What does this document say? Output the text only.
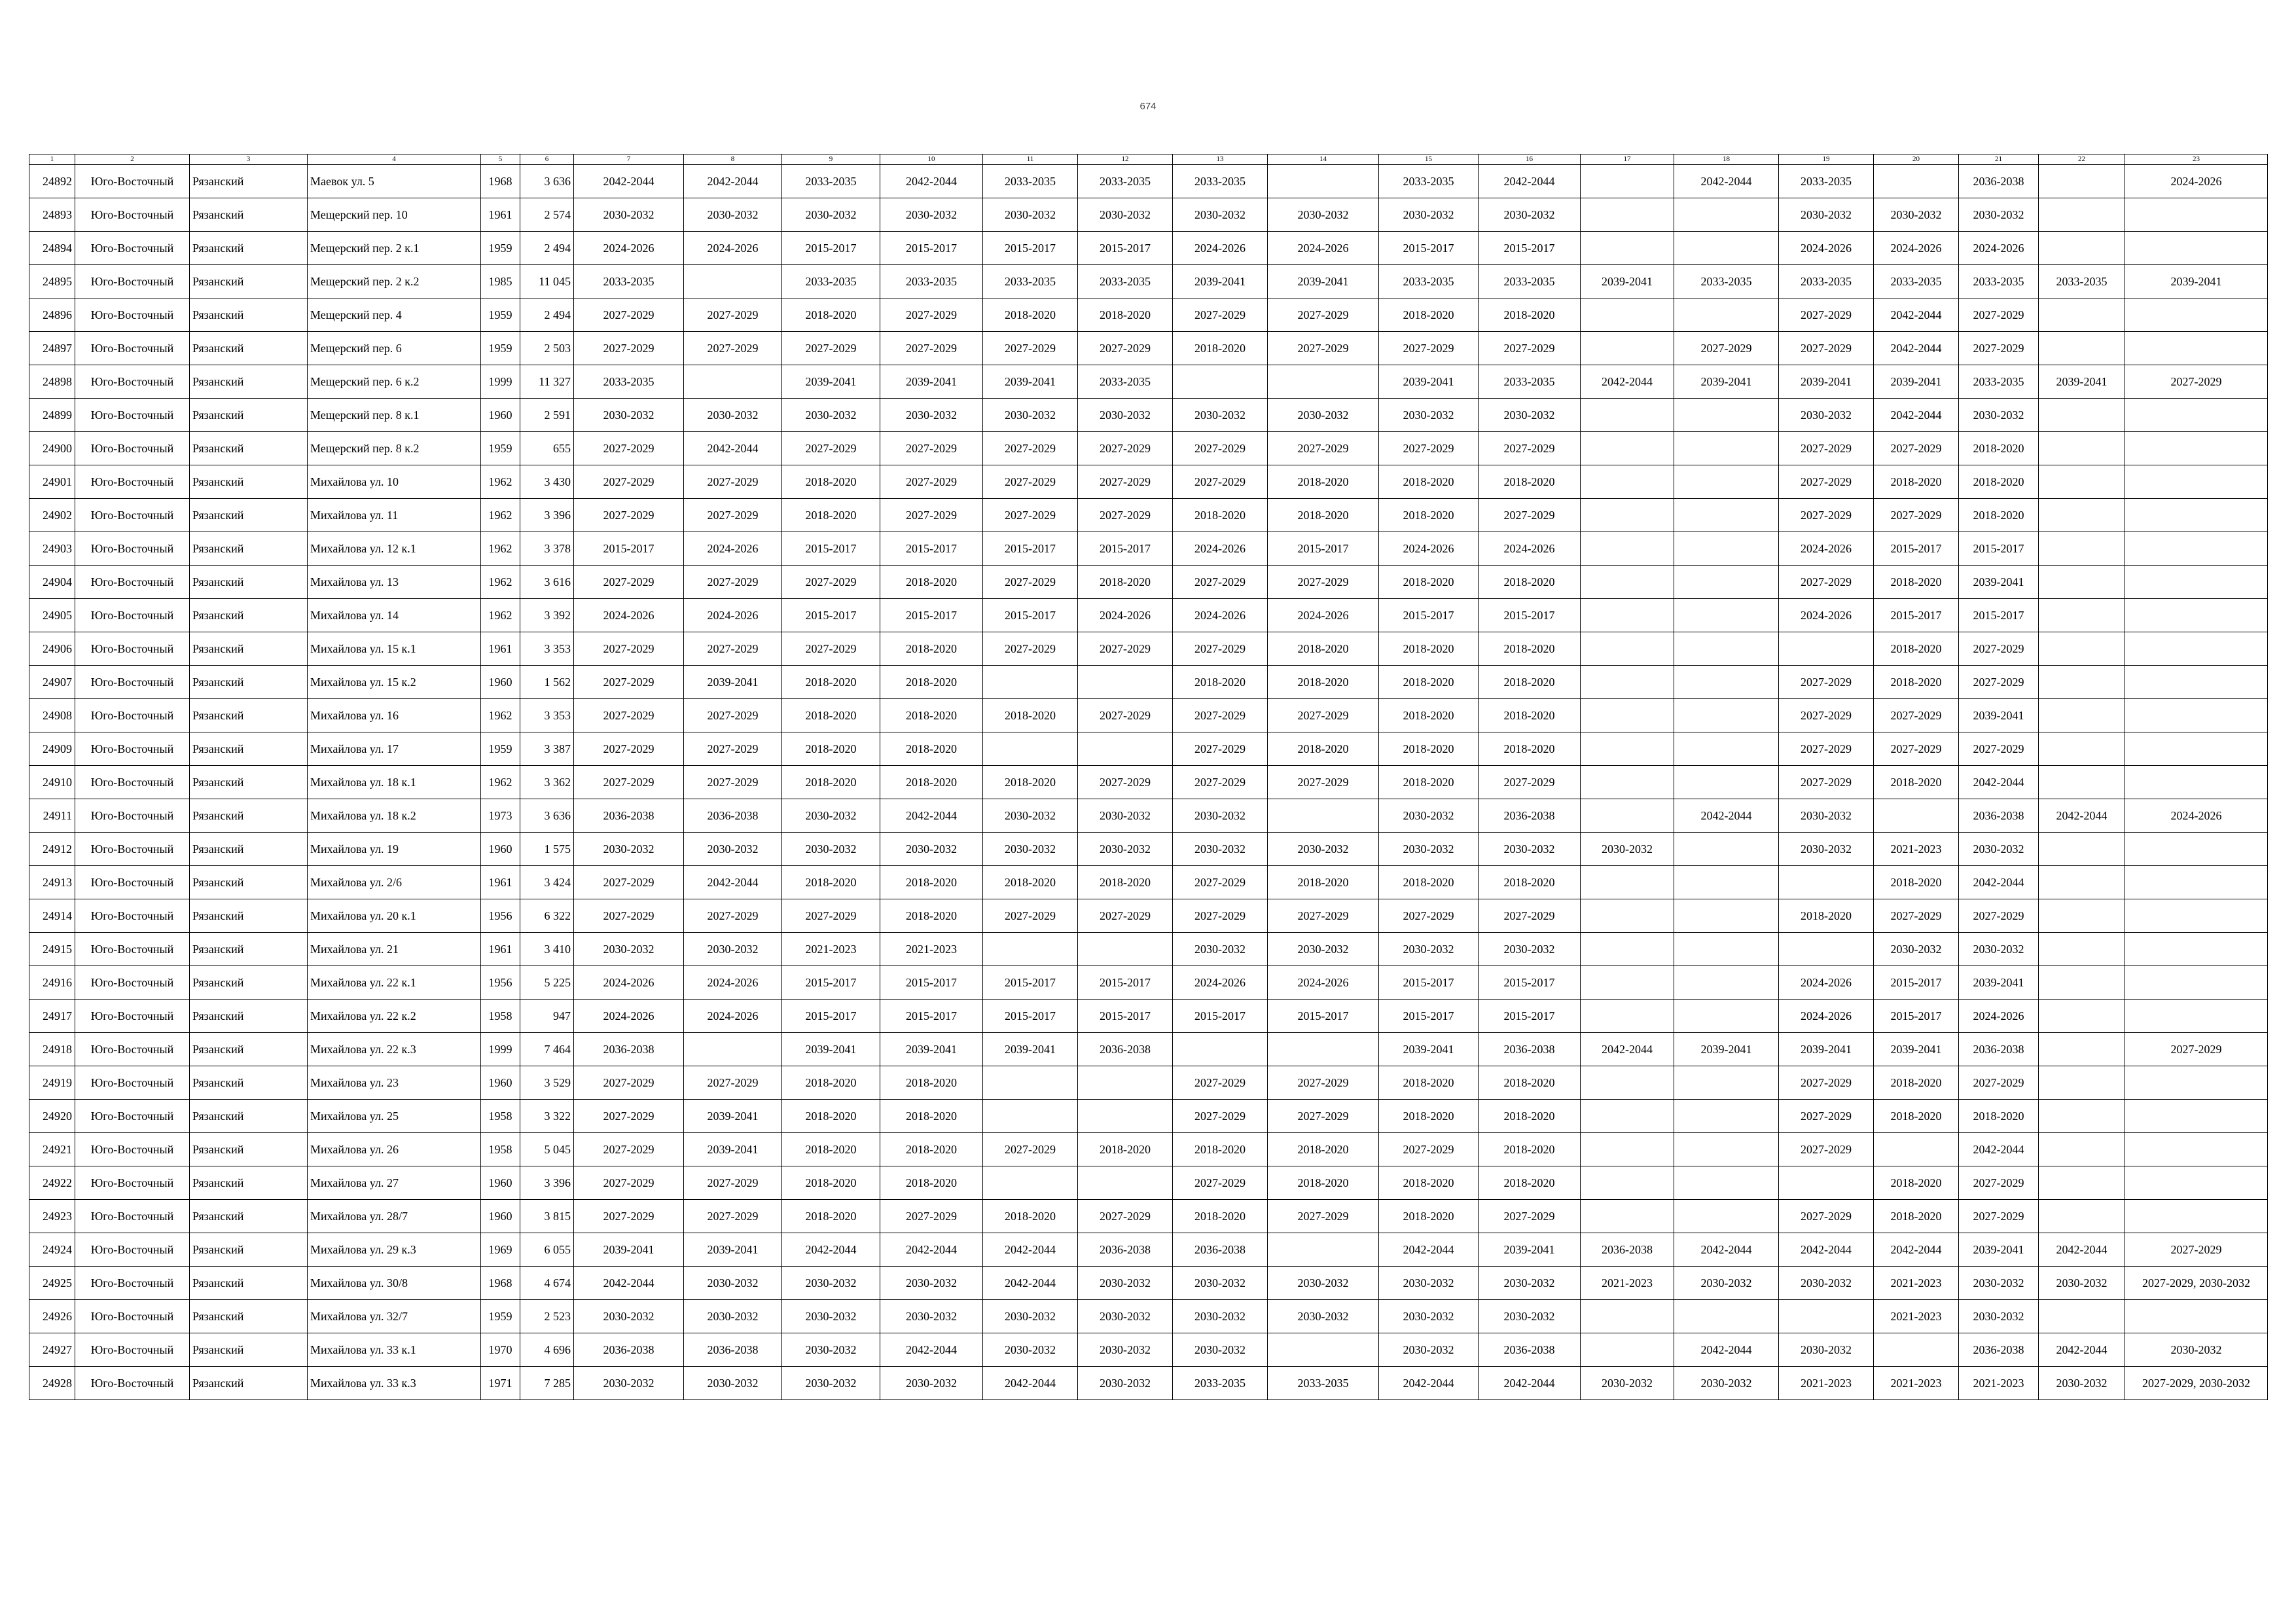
674
1	2	3	4	5	6	7	8	9	10	11	12	13	14	15	16	17	18	19	20	21	22	23
24892	Юго-Восточный	Рязанский	Маевок ул. 5	1968	3 636	2042-2044	2042-2044	2033-2035	2042-2044	2033-2035	2033-2035	2033-2035		2033-2035	2042-2044		2042-2044	2033-2035		2036-2038		2024-2026
24893	Юго-Восточный	Рязанский	Мещерский пер. 10	1961	2 574	2030-2032	2030-2032	2030-2032	2030-2032	2030-2032	2030-2032	2030-2032	2030-2032	2030-2032	2030-2032			2030-2032	2030-2032	2030-2032		
24894	Юго-Восточный	Рязанский	Мещерский пер. 2 к.1	1959	2 494	2024-2026	2024-2026	2015-2017	2015-2017	2015-2017	2015-2017	2024-2026	2024-2026	2015-2017	2015-2017			2024-2026	2024-2026	2024-2026		
24895	Юго-Восточный	Рязанский	Мещерский пер. 2 к.2	1985	11 045	2033-2035		2033-2035	2033-2035	2033-2035	2033-2035	2039-2041	2039-2041	2033-2035	2033-2035	2039-2041	2033-2035	2033-2035	2033-2035	2033-2035	2033-2035	2039-2041
24896	Юго-Восточный	Рязанский	Мещерский пер. 4	1959	2 494	2027-2029	2027-2029	2018-2020	2027-2029	2018-2020	2018-2020	2027-2029	2027-2029	2018-2020	2018-2020			2027-2029	2042-2044	2027-2029		
24897	Юго-Восточный	Рязанский	Мещерский пер. 6	1959	2 503	2027-2029	2027-2029	2027-2029	2027-2029	2027-2029	2027-2029	2018-2020	2027-2029	2027-2029	2027-2029		2027-2029	2027-2029	2042-2044	2027-2029		
24898	Юго-Восточный	Рязанский	Мещерский пер. 6 к.2	1999	11 327	2033-2035		2039-2041	2039-2041	2039-2041	2033-2035			2039-2041	2033-2035	2042-2044	2039-2041	2039-2041	2039-2041	2033-2035	2039-2041	2027-2029
24899	Юго-Восточный	Рязанский	Мещерский пер. 8 к.1	1960	2 591	2030-2032	2030-2032	2030-2032	2030-2032	2030-2032	2030-2032	2030-2032	2030-2032	2030-2032	2030-2032			2030-2032	2042-2044	2030-2032		
24900	Юго-Восточный	Рязанский	Мещерский пер. 8 к.2	1959	655	2027-2029	2042-2044	2027-2029	2027-2029	2027-2029	2027-2029	2027-2029	2027-2029	2027-2029	2027-2029			2027-2029	2027-2029	2018-2020		
24901	Юго-Восточный	Рязанский	Михайлова ул. 10	1962	3 430	2027-2029	2027-2029	2018-2020	2027-2029	2027-2029	2027-2029	2027-2029	2018-2020	2018-2020	2018-2020			2027-2029	2018-2020	2018-2020		
24902	Юго-Восточный	Рязанский	Михайлова ул. 11	1962	3 396	2027-2029	2027-2029	2018-2020	2027-2029	2027-2029	2027-2029	2018-2020	2018-2020	2018-2020	2027-2029			2027-2029	2027-2029	2018-2020		
24903	Юго-Восточный	Рязанский	Михайлова ул. 12 к.1	1962	3 378	2015-2017	2024-2026	2015-2017	2015-2017	2015-2017	2015-2017	2024-2026	2015-2017	2024-2026	2024-2026			2024-2026	2015-2017	2015-2017		
24904	Юго-Восточный	Рязанский	Михайлова ул. 13	1962	3 616	2027-2029	2027-2029	2027-2029	2018-2020	2027-2029	2018-2020	2027-2029	2027-2029	2018-2020	2018-2020			2027-2029	2018-2020	2039-2041		
24905	Юго-Восточный	Рязанский	Михайлова ул. 14	1962	3 392	2024-2026	2024-2026	2015-2017	2015-2017	2015-2017	2024-2026	2024-2026	2024-2026	2015-2017	2015-2017			2024-2026	2015-2017	2015-2017		
24906	Юго-Восточный	Рязанский	Михайлова ул. 15 к.1	1961	3 353	2027-2029	2027-2029	2027-2029	2018-2020	2027-2029	2027-2029	2027-2029	2018-2020	2018-2020	2018-2020				2018-2020	2027-2029		
24907	Юго-Восточный	Рязанский	Михайлова ул. 15 к.2	1960	1 562	2027-2029	2039-2041	2018-2020	2018-2020			2018-2020	2018-2020	2018-2020	2018-2020			2027-2029	2018-2020	2027-2029		
24908	Юго-Восточный	Рязанский	Михайлова ул. 16	1962	3 353	2027-2029	2027-2029	2018-2020	2018-2020	2018-2020	2027-2029	2027-2029	2027-2029	2018-2020	2018-2020			2027-2029	2027-2029	2039-2041		
24909	Юго-Восточный	Рязанский	Михайлова ул. 17	1959	3 387	2027-2029	2027-2029	2018-2020	2018-2020			2027-2029	2018-2020	2018-2020	2018-2020			2027-2029	2027-2029	2027-2029		
24910	Юго-Восточный	Рязанский	Михайлова ул. 18 к.1	1962	3 362	2027-2029	2027-2029	2018-2020	2018-2020	2018-2020	2027-2029	2027-2029	2027-2029	2018-2020	2027-2029			2027-2029	2018-2020	2042-2044		
24911	Юго-Восточный	Рязанский	Михайлова ул. 18 к.2	1973	3 636	2036-2038	2036-2038	2030-2032	2042-2044	2030-2032	2030-2032	2030-2032		2030-2032	2036-2038		2042-2044	2030-2032		2036-2038	2042-2044	2024-2026
24912	Юго-Восточный	Рязанский	Михайлова ул. 19	1960	1 575	2030-2032	2030-2032	2030-2032	2030-2032	2030-2032	2030-2032	2030-2032	2030-2032	2030-2032	2030-2032	2030-2032		2030-2032	2021-2023	2030-2032		
24913	Юго-Восточный	Рязанский	Михайлова ул. 2/6	1961	3 424	2027-2029	2042-2044	2018-2020	2018-2020	2018-2020	2018-2020	2027-2029	2018-2020	2018-2020	2018-2020				2018-2020	2042-2044		
24914	Юго-Восточный	Рязанский	Михайлова ул. 20 к.1	1956	6 322	2027-2029	2027-2029	2027-2029	2018-2020	2027-2029	2027-2029	2027-2029	2027-2029	2027-2029	2027-2029			2018-2020	2027-2029	2027-2029		
24915	Юго-Восточный	Рязанский	Михайлова ул. 21	1961	3 410	2030-2032	2030-2032	2021-2023	2021-2023			2030-2032	2030-2032	2030-2032	2030-2032				2030-2032	2030-2032		
24916	Юго-Восточный	Рязанский	Михайлова ул. 22 к.1	1956	5 225	2024-2026	2024-2026	2015-2017	2015-2017	2015-2017	2015-2017	2024-2026	2024-2026	2015-2017	2015-2017			2024-2026	2015-2017	2039-2041		
24917	Юго-Восточный	Рязанский	Михайлова ул. 22 к.2	1958	947	2024-2026	2024-2026	2015-2017	2015-2017	2015-2017	2015-2017	2015-2017	2015-2017	2015-2017	2015-2017			2024-2026	2015-2017	2024-2026		
24918	Юго-Восточный	Рязанский	Михайлова ул. 22 к.3	1999	7 464	2036-2038		2039-2041	2039-2041	2039-2041	2036-2038			2039-2041	2036-2038	2042-2044	2039-2041	2039-2041	2039-2041	2036-2038		2027-2029
24919	Юго-Восточный	Рязанский	Михайлова ул. 23	1960	3 529	2027-2029	2027-2029	2018-2020	2018-2020			2027-2029	2027-2029	2018-2020	2018-2020			2027-2029	2018-2020	2027-2029		
24920	Юго-Восточный	Рязанский	Михайлова ул. 25	1958	3 322	2027-2029	2039-2041	2018-2020	2018-2020			2027-2029	2027-2029	2018-2020	2018-2020			2027-2029	2018-2020	2018-2020		
24921	Юго-Восточный	Рязанский	Михайлова ул. 26	1958	5 045	2027-2029	2039-2041	2018-2020	2018-2020	2027-2029	2018-2020	2018-2020	2018-2020	2027-2029	2018-2020			2027-2029		2042-2044		
24922	Юго-Восточный	Рязанский	Михайлова ул. 27	1960	3 396	2027-2029	2027-2029	2018-2020	2018-2020			2027-2029	2018-2020	2018-2020	2018-2020				2018-2020	2027-2029		
24923	Юго-Восточный	Рязанский	Михайлова ул. 28/7	1960	3 815	2027-2029	2027-2029	2018-2020	2027-2029	2018-2020	2027-2029	2018-2020	2027-2029	2018-2020	2027-2029			2027-2029	2018-2020	2027-2029		
24924	Юго-Восточный	Рязанский	Михайлова ул. 29 к.3	1969	6 055	2039-2041	2039-2041	2042-2044	2042-2044	2042-2044	2036-2038	2036-2038		2042-2044	2039-2041	2036-2038	2042-2044	2042-2044	2042-2044	2039-2041	2042-2044	2027-2029
24925	Юго-Восточный	Рязанский	Михайлова ул. 30/8	1968	4 674	2042-2044	2030-2032	2030-2032	2030-2032	2042-2044	2030-2032	2030-2032	2030-2032	2030-2032	2030-2032	2021-2023	2030-2032	2030-2032	2021-2023	2030-2032	2030-2032	2027-2029, 2030-2032
24926	Юго-Восточный	Рязанский	Михайлова ул. 32/7	1959	2 523	2030-2032	2030-2032	2030-2032	2030-2032	2030-2032	2030-2032	2030-2032	2030-2032	2030-2032	2030-2032				2021-2023	2030-2032		
24927	Юго-Восточный	Рязанский	Михайлова ул. 33 к.1	1970	4 696	2036-2038	2036-2038	2030-2032	2042-2044	2030-2032	2030-2032	2030-2032		2030-2032	2036-2038		2042-2044	2030-2032		2036-2038	2042-2044	2030-2032
24928	Юго-Восточный	Рязанский	Михайлова ул. 33 к.3	1971	7 285	2030-2032	2030-2032	2030-2032	2030-2032	2042-2044	2030-2032	2033-2035	2033-2035	2042-2044	2042-2044	2030-2032	2030-2032	2021-2023	2021-2023	2021-2023	2030-2032	2027-2029, 2030-2032
